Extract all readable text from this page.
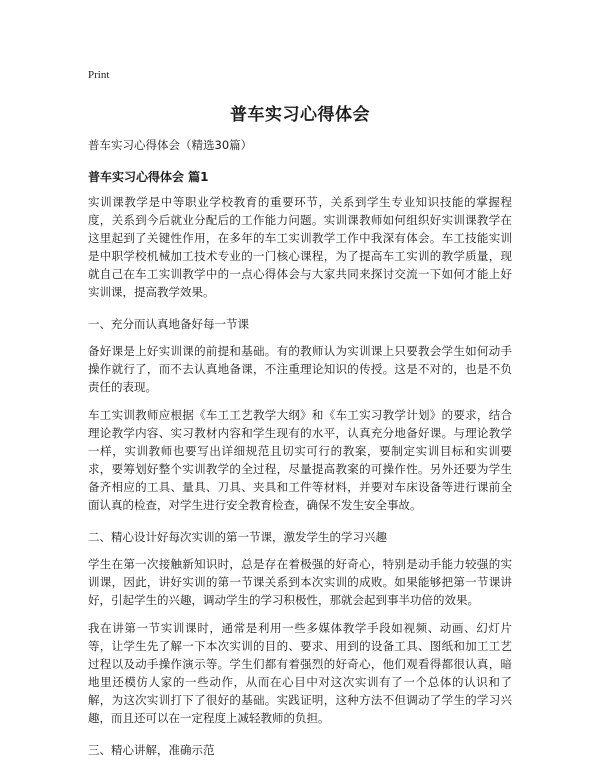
Print

普车实习心得体会

普车实习心得体会（精选30篇）

普车实习心得体会 篇1

实训课教学是中等职业学校教育的重要环节，关系到学生专业知识技能的掌握程度，关系到今后就业分配后的工作能力问题。实训课教师如何组织好实训课教学在这里起到了关键性作用，在多年的车工实训教学工作中我深有体会。车工技能实训是中职学校机械加工技术专业的一门核心课程，为了提高车工实训的教学质量，现就自己在车工实训教学中的一点心得体会与大家共同来探讨交流一下如何才能上好实训课，提高教学效果。

一、充分而认真地备好每一节课

备好课是上好实训课的前提和基础。有的教师认为实训课上只要教会学生如何动手操作就行了，而不去认真地备课，不注重理论知识的传授。这是不对的，也是不负责任的表现。

车工实训教师应根据《车工工艺教学大纲》和《车工实习教学计划》的要求，结合理论教学内容、实习教材内容和学生现有的水平，认真充分地备好课。与理论教学一样，实训教师也要写出详细规范且切实可行的教案，要制定实训目标和实训要求，要筹划好整个实训教学的全过程，尽量提高教案的可操作性。另外还要为学生备齐相应的工具、量具、刀具、夹具和工件等材料，并要对车床设备等进行课前全面认真的检查，对学生进行安全教育检查，确保不发生安全事故。

二、精心设计好每次实训的第一节课，激发学生的学习兴趣

学生在第一次接触新知识时，总是存在着极强的好奇心，特别是动手能力较强的实训课，因此，讲好实训的第一节课关系到本次实训的成败。如果能够把第一节课讲好，引起学生的兴趣，调动学生的学习积极性，那就会起到事半功倍的效果。

我在讲第一节实训课时，通常是利用一些多媒体教学手段如视频、动画、幻灯片等，让学生先了解一下本次实训的目的、要求、用到的设备工具、图纸和加工工艺过程以及动手操作演示等。学生们都有着强烈的好奇心，他们观看得都很认真，暗地里还模仿人家的一些动作，从而在心目中对这次实训有了一个总体的认识和了解，为这次实训打下了很好的基础。实践证明，这种方法不但调动了学生的学习兴趣，而且还可以在一定程度上减轻教师的负担。

三、精心讲解，准确示范
